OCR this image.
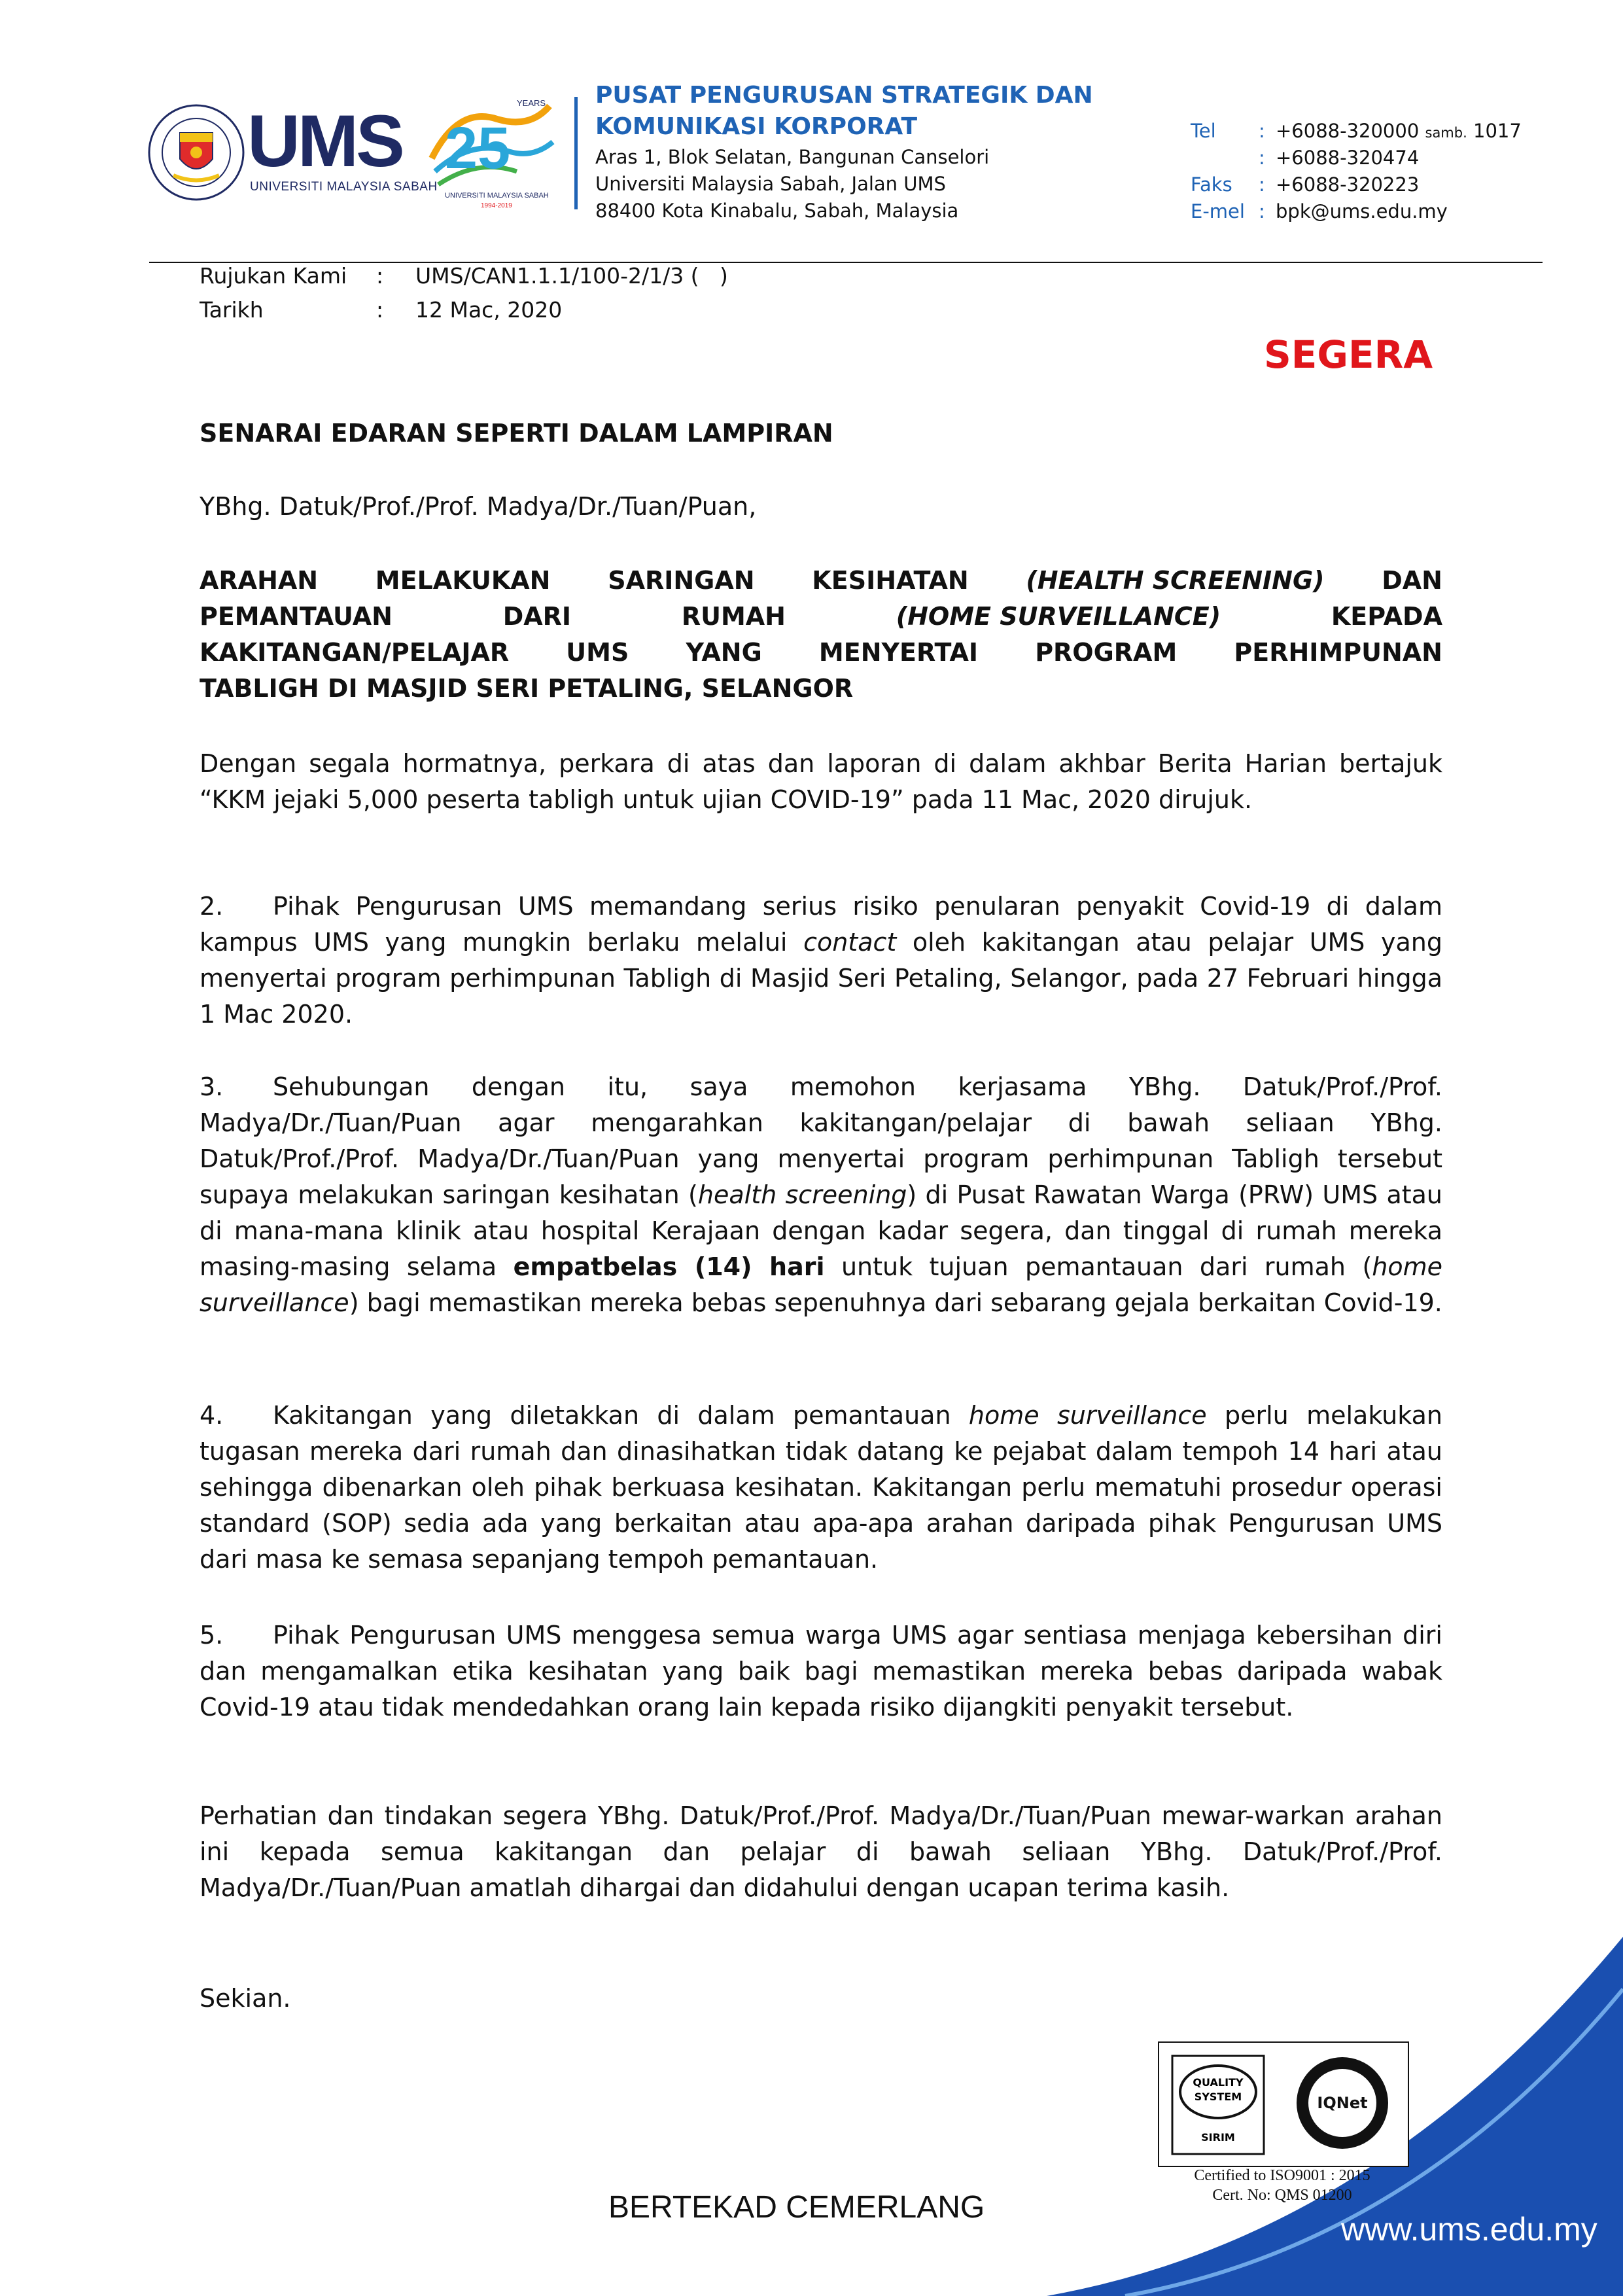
UMS
UNIVERSITI MALAYSIA SABAH
25
YEARS
UNIVERSITI MALAYSIA SABAH
1994-2019
PUSAT PENGURUSAN STRATEGIK DAN
KOMUNIKASI KORPORAT
Aras 1, Blok Selatan, Bangunan Canselori
Universiti Malaysia Sabah, Jalan UMS
88400 Kota Kinabalu, Sabah, Malaysia
Tel : +6088-320000 samb. 1017
: +6088-320474
Faks : +6088-320223
E-mel : bpk@ums.edu.my
Rujukan Kami : UMS/CAN1.1.1/100-2/1/3 (   )
Tarikh	: 12 Mac, 2020
SEGERA
SENARAI EDARAN SEPERTI DALAM LAMPIRAN
YBhg. Datuk/Prof./Prof. Madya/Dr./Tuan/Puan,
ARAHAN MELAKUKAN SARINGAN KESIHATAN (HEALTH SCREENING) DAN
PEMANTAUAN	DARI	RUMAH	(HOME SURVEILLANCE)	KEPADA
KAKITANGAN/PELAJAR UMS YANG MENYERTAI PROGRAM PERHIMPUNAN
TABLIGH DI MASJID SERI PETALING, SELANGOR

Dengan segala hormatnya, perkara di atas dan laporan di dalam akhbar Berita Harian bertajuk “KKM jejaki 5,000 peserta tabligh untuk ujian COVID-19” pada 11 Mac, 2020 dirujuk.

2. Pihak Pengurusan UMS memandang serius risiko penularan penyakit Covid-19 di dalam kampus UMS yang mungkin berlaku melalui contact oleh kakitangan atau pelajar UMS yang menyertai program perhimpunan Tabligh di Masjid Seri Petaling, Selangor, pada 27 Februari hingga 1 Mac 2020.

3. Sehubungan dengan itu, saya memohon kerjasama YBhg. Datuk/Prof./Prof. Madya/Dr./Tuan/Puan agar mengarahkan kakitangan/pelajar di bawah seliaan YBhg. Datuk/Prof./Prof. Madya/Dr./Tuan/Puan yang menyertai program perhimpunan Tabligh tersebut supaya melakukan saringan kesihatan (health screening) di Pusat Rawatan Warga (PRW) UMS atau di mana-mana klinik atau hospital Kerajaan dengan kadar segera, dan tinggal di rumah mereka masing-masing selama empatbelas (14) hari untuk tujuan pemantauan dari rumah (home surveillance) bagi memastikan mereka bebas sepenuhnya dari sebarang gejala berkaitan Covid-19.

4. Kakitangan yang diletakkan di dalam pemantauan home surveillance perlu melakukan tugasan mereka dari rumah dan dinasihatkan tidak datang ke pejabat dalam tempoh 14 hari atau sehingga dibenarkan oleh pihak berkuasa kesihatan. Kakitangan perlu mematuhi prosedur operasi standard (SOP) sedia ada yang berkaitan atau apa-apa arahan daripada pihak Pengurusan UMS dari masa ke semasa sepanjang tempoh pemantauan.

5. Pihak Pengurusan UMS menggesa semua warga UMS agar sentiasa menjaga kebersihan diri dan mengamalkan etika kesihatan yang baik bagi memastikan mereka bebas daripada wabak Covid-19 atau tidak mendedahkan orang lain kepada risiko dijangkiti penyakit tersebut.

Perhatian dan tindakan segera YBhg. Datuk/Prof./Prof. Madya/Dr./Tuan/Puan mewar-warkan arahan ini kepada semua kakitangan dan pelajar di bawah seliaan YBhg. Datuk/Prof./Prof. Madya/Dr./Tuan/Puan amatlah dihargai dan didahului dengan ucapan terima kasih.

Sekian.
QUALITY
SYSTEM
SIRIM
IQNet
Certified to ISO9001 : 2015
Cert. No: QMS 01200
BERTEKAD CEMERLANG
www.ums.edu.my
